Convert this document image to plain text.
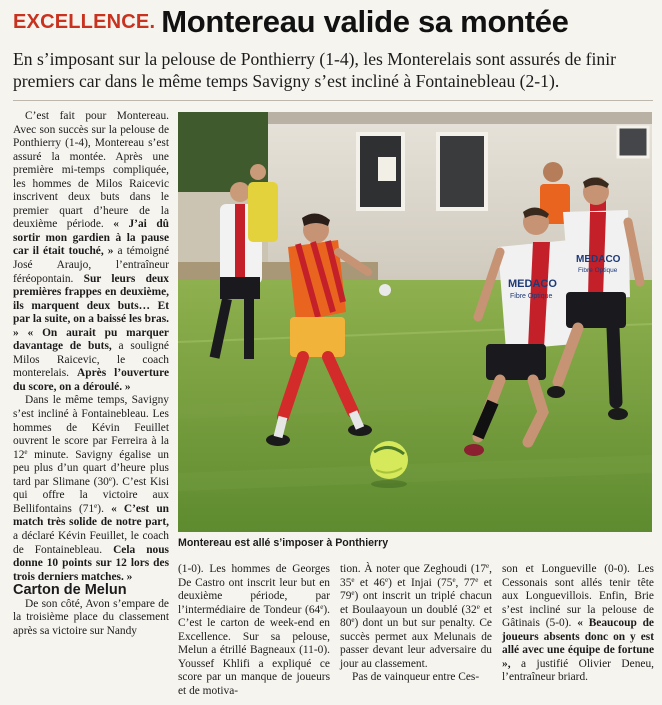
EXCELLENCE. Montereau valide sa montée
En s’imposant sur la pelouse de Ponthierry (1-4), les Monterelais sont assurés de finir premiers car dans le même temps Savigny s’est incliné à Fontainebleau (2-1).

C’est fait pour Montereau. Avec son succès sur la pelouse de Ponthierry (1-4), Montereau s’est assuré la montée. Après une première mi-temps compliquée, les hommes de Milos Raicevic inscrivent deux buts dans le premier quart d’heure de la deuxième période. « J’ai dû sortir mon gardien à la pause car il était touché, » a témoigné José Araujo, l’entraîneur féréopontain. Sur leurs deux premières frappes en deuxième, ils marquent deux buts… Et par la suite, on a baissé les bras. » « On aurait pu marquer davantage de buts, a souligné Milos Raicevic, le coach monterelais. Après l’ouverture du score, on a déroulé. »

Dans le même temps, Savigny s’est incliné à Fontainebleau. Les hommes de Kévin Feuillet ouvrent le score par Ferreira à la 12e minute. Savigny égalise un peu plus d’un quart d’heure plus tard par Slimane (30e). C’est Kisi qui offre la victoire aux Bellifontains (71e). « C’est un match très solide de notre part, a déclaré Kévin Feuillet, le coach de Fontainebleau. Cela nous donne 10 points sur 12 lors des trois derniers matches. »

Carton de Melun

De son côté, Avon s’empare de la troisième place du classement après sa victoire sur Nandy

MEDACO
Fibre Optique
MEDACO
Fibre Optique
Montereau est allé s’imposer à Ponthierry

(1-0). Les hommes de Georges De Castro ont inscrit leur but en deuxième période, par l’intermédiaire de Tondeur (64e). C’est le carton de week-end en Excellence. Sur sa pelouse, Melun a étrillé Bagneaux (11-0). Youssef Khlifi a expliqué ce score par un manque de joueurs et de motiva-

tion. À noter que Zeghoudi (17e, 35e et 46e) et Injai (75e, 77e et 79e) ont inscrit un triplé chacun et Boulaayoun un doublé (32e et 80e) dont un but sur penalty. Ce succès permet aux Melunais de passer devant leur adversaire du jour au classement.

Pas de vainqueur entre Ces-

son et Longueville (0-0). Les Cessonais sont allés tenir tête aux Longuevillois. Enfin, Brie s’est incliné sur la pelouse de Gâtinais (5-0). « Beaucoup de joueurs absents donc on y est allé avec une équipe de fortune », a justifié Olivier Deneu, l’entraîneur briard.
